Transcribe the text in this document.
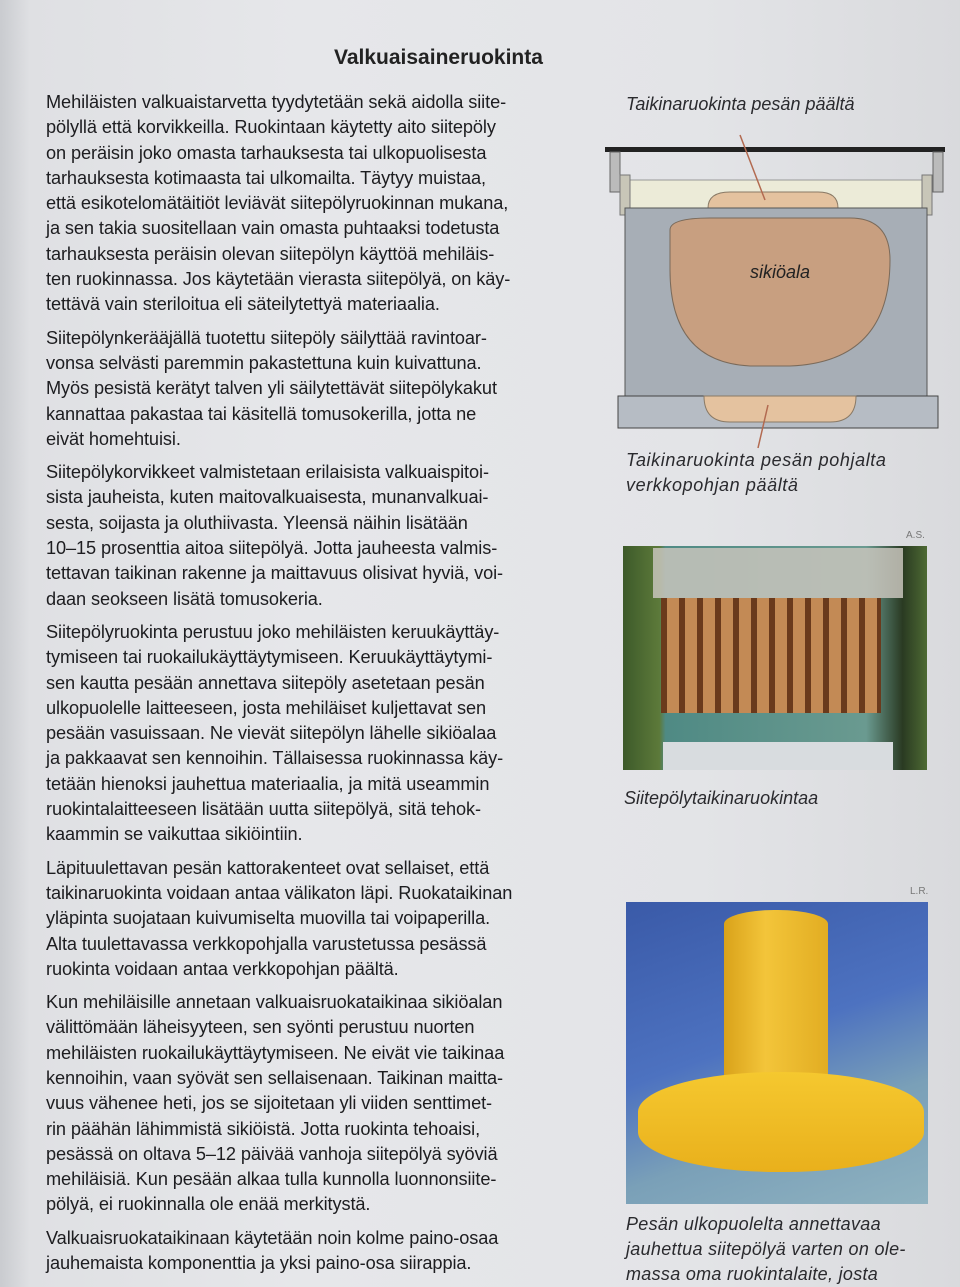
Valkuaisaineruokinta
Mehiläisten valkuaistarvetta tyydytetään sekä aidolla siite-
pölyllä että korvikkeilla. Ruokintaan käytetty aito siitepöly
on peräisin joko omasta tarhauksesta tai ulkopuolisesta
tarhauksesta kotimaasta tai ulkomailta. Täytyy muistaa,
että esikotelomätäitiöt leviävät siitepölyruokinnan mukana,
ja sen takia suositellaan vain omasta puhtaaksi todetusta
tarhauksesta peräisin olevan siitepölyn käyttöä mehiläis-
ten ruokinnassa. Jos käytetään vierasta siitepölyä, on käy-
tettävä vain steriloitua eli säteilytettyä materiaalia.
Siitepölynkerääjällä tuotettu siitepöly säilyttää ravintoar-
vonsa selvästi paremmin pakastettuna kuin kuivattuna.
Myös pesistä kerätyt talven yli säilytettävät siitepölykakut
kannattaa pakastaa tai käsitellä tomusokerilla, jotta ne
eivät homehtuisi.
Siitepölykorvikkeet valmistetaan erilaisista valkuaispitoi-
sista jauheista, kuten maitovalkuaisesta, munanvalkuai-
sesta, soijasta ja oluthiivasta. Yleensä näihin lisätään
10–15 prosenttia aitoa siitepölyä. Jotta jauheesta valmis-
tettavan taikinan rakenne ja maittavuus olisivat hyviä, voi-
daan seokseen lisätä tomusokeria.
Siitepölyruokinta perustuu joko mehiläisten keruukäyttäy-
tymiseen tai ruokailukäyttäytymiseen. Keruukäyttäytymi-
sen kautta pesään annettava siitepöly asetetaan pesän
ulkopuolelle laitteeseen, josta mehiläiset kuljettavat sen
pesään vasuissaan. Ne vievät siitepölyn lähelle sikiöalaa
ja pakkaavat sen kennoihin. Tällaisessa ruokinnassa käy-
tetään hienoksi jauhettua materiaalia, ja mitä useammin
ruokintalaitteeseen lisätään uutta siitepölyä, sitä tehok-
kaammin se vaikuttaa sikiöintiin.
Läpituulettavan pesän kattorakenteet ovat sellaiset, että
taikinaruokinta voidaan antaa välikaton läpi. Ruokataikinan
yläpinta suojataan kuivumiselta muovilla tai voipaperilla.
Alta tuulettavassa verkkopohjalla varustetussa pesässä
ruokinta voidaan antaa verkkopohjan päältä.
Kun mehiläisille annetaan valkuaisruokataikinaa sikiöalan
välittömään läheisyyteen, sen syönti perustuu nuorten
mehiläisten ruokailukäyttäytymiseen. Ne eivät vie taikinaa
kennoihin, vaan syövät sen sellaisenaan. Taikinan maitta-
vuus vähenee heti, jos se sijoitetaan yli viiden senttimet-
rin päähän lähimmistä sikiöistä. Jotta ruokinta tehoaisi,
pesässä on oltava 5–12 päivää vanhoja siitepölyä syöviä
mehiläisiä. Kun pesään alkaa tulla kunnolla luonnonsiite-
pölyä, ei ruokinnalla ole enää merkitystä.
Valkuaisruokataikinaan käytetään noin kolme paino-osaa
jauhemaista komponenttia ja yksi paino-osa siirappia.
Taikinaruokinta pesän päältä
sikiöala
Taikinaruokinta pesän pohjalta
verkkopohjan päältä
A.S.
Siitepölytaikinaruokintaa
L.R.
Pesän ulkopuolelta annettavaa
jauhettua siitepölyä varten on ole-
massa oma ruokintalaite, josta
